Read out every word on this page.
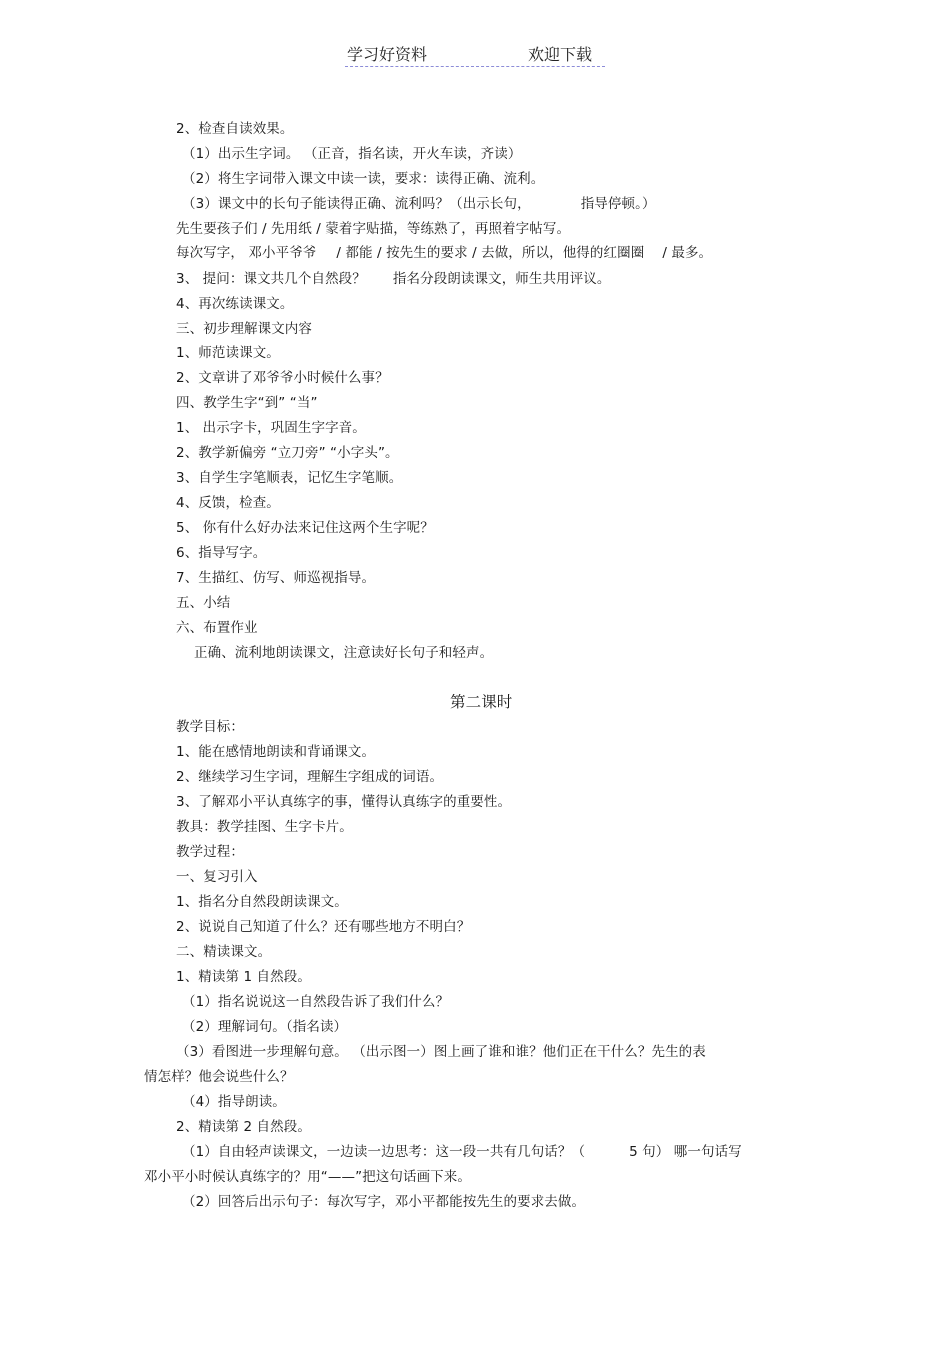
学习好资料	欢迎下载
2、检查自读效果。
（1）出示生字词。 （正音，指名读，开火车读，齐读）
（2）将生字词带入课文中读一读，要求：读得正确、流利。
（3）课文中的长句子能读得正确、流利吗？（出示长句，	指导停顿。）
先生要孩子们 / 先用纸 / 蒙着字贴描，等练熟了，再照着字帖写。
每次写字， 邓小平爷爷 / 都能 / 按先生的要求 / 去做，所以，他得的红圈圈 / 最多。
3、 提问：课文共几个自然段？ 指名分段朗读课文，师生共用评议。
4、再次练读课文。
三、初步理解课文内容
1、师范读课文。
2、文章讲了邓爷爷小时候什么事？
四、教学生字“到” “当”
1、 出示字卡，巩固生字字音。
2、教学新偏旁 “立刀旁” “小字头”。
3、自学生字笔顺表，记忆生字笔顺。
4、反馈，检查。
5、 你有什么好办法来记住这两个生字呢？
6、指导写字。
7、生描红、仿写、师巡视指导。
五、小结
六、布置作业
正确、流利地朗读课文，注意读好长句子和轻声。
第二课时
教学目标：
1、能在感情地朗读和背诵课文。
2、继续学习生字词，理解生字组成的词语。
3、了解邓小平认真练字的事，懂得认真练字的重要性。
教具：教学挂图、生字卡片。
教学过程：
一、复习引入
1、指名分自然段朗读课文。
2、说说自己知道了什么？还有哪些地方不明白？
二、精读课文。
1、精读第 1 自然段。
（1）指名说说这一自然段告诉了我们什么？
（2）理解词句。（指名读）
（3）看图进一步理解句意。 （出示图一）图上画了谁和谁？他们正在干什么？先生的表
情怎样？他会说些什么？
（4）指导朗读。
2、精读第 2 自然段。
（1）自由轻声读课文，一边读一边思考：这一段一共有几句话？（	5 句） 哪一句话写
邓小平小时候认真练字的？用“——”把这句话画下来。
（2）回答后出示句子：每次写字，邓小平都能按先生的要求去做。
